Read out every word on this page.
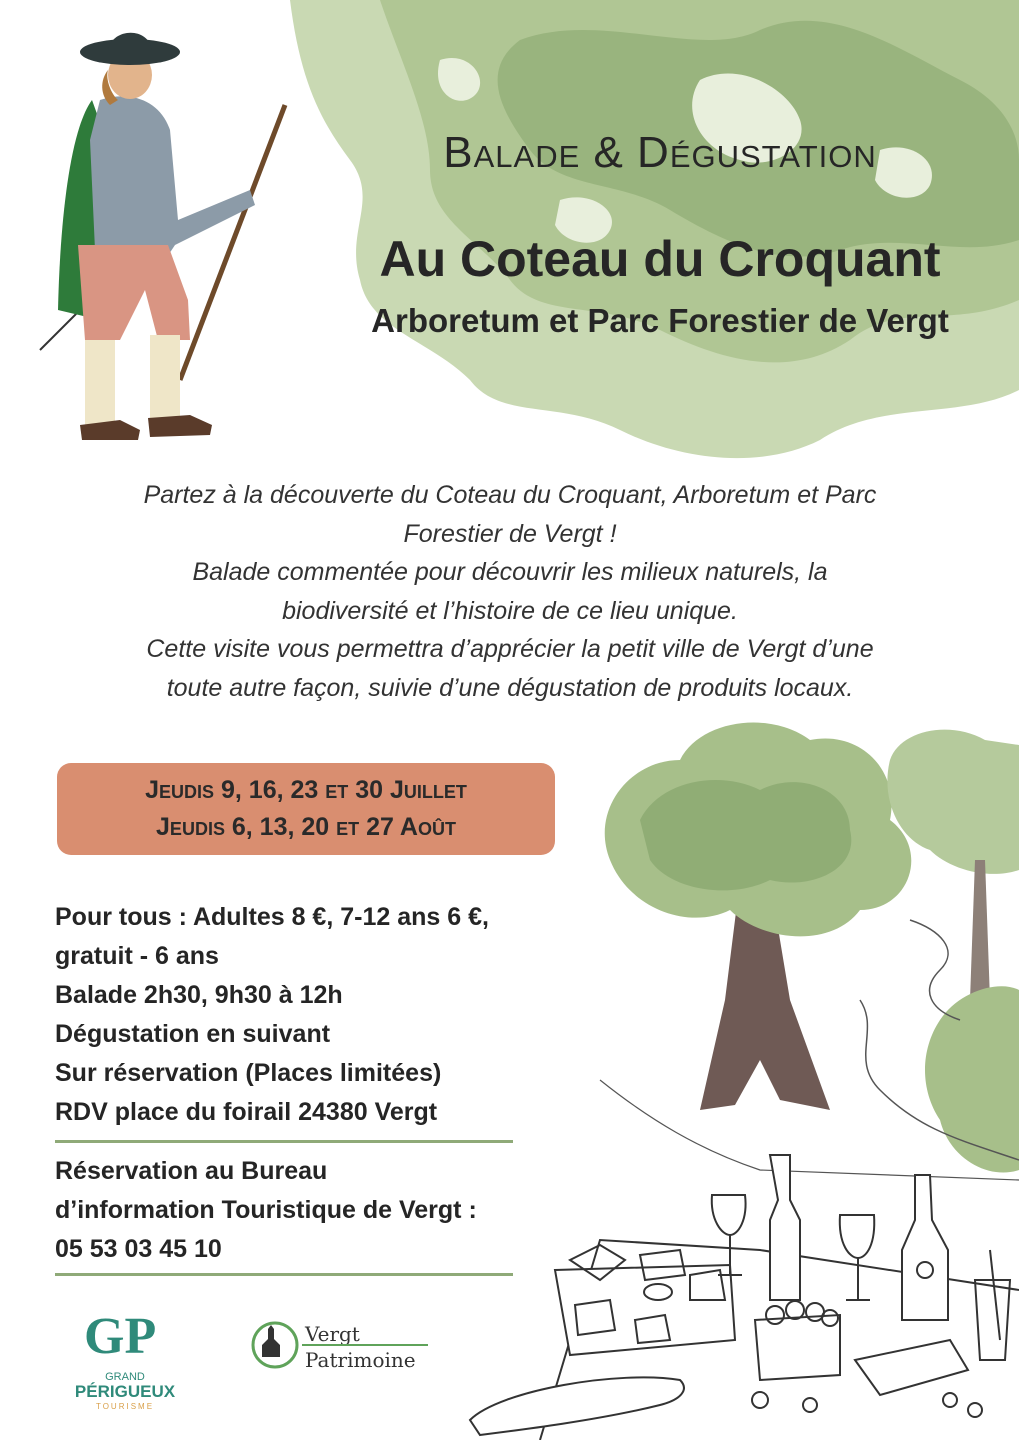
Balade & Dégustation
Au Coteau du Croquant
Arboretum et Parc Forestier de Vergt
Partez à la découverte du Coteau du Croquant, Arboretum et Parc
Forestier de Vergt !
Balade commentée pour découvrir les milieux naturels, la
biodiversité et l’histoire de ce lieu unique.
Cette visite vous permettra d’apprécier la petit ville de Vergt d’une
toute autre façon, suivie d’une dégustation de produits locaux.
Jeudis 9, 16, 23 et 30 Juillet
Jeudis 6, 13, 20 et 27 Août
Pour tous : Adultes 8 €, 7-12 ans 6 €,
gratuit - 6 ans
Balade 2h30, 9h30 à 12h
Dégustation en suivant
Sur réservation (Places limitées)
RDV place du foirail 24380 Vergt
Réservation au Bureau
d’information Touristique de Vergt :
05 53 03 45 10
GP
GRAND
PÉRIGUEUX
TOURISME
Vergt
Patrimoine
